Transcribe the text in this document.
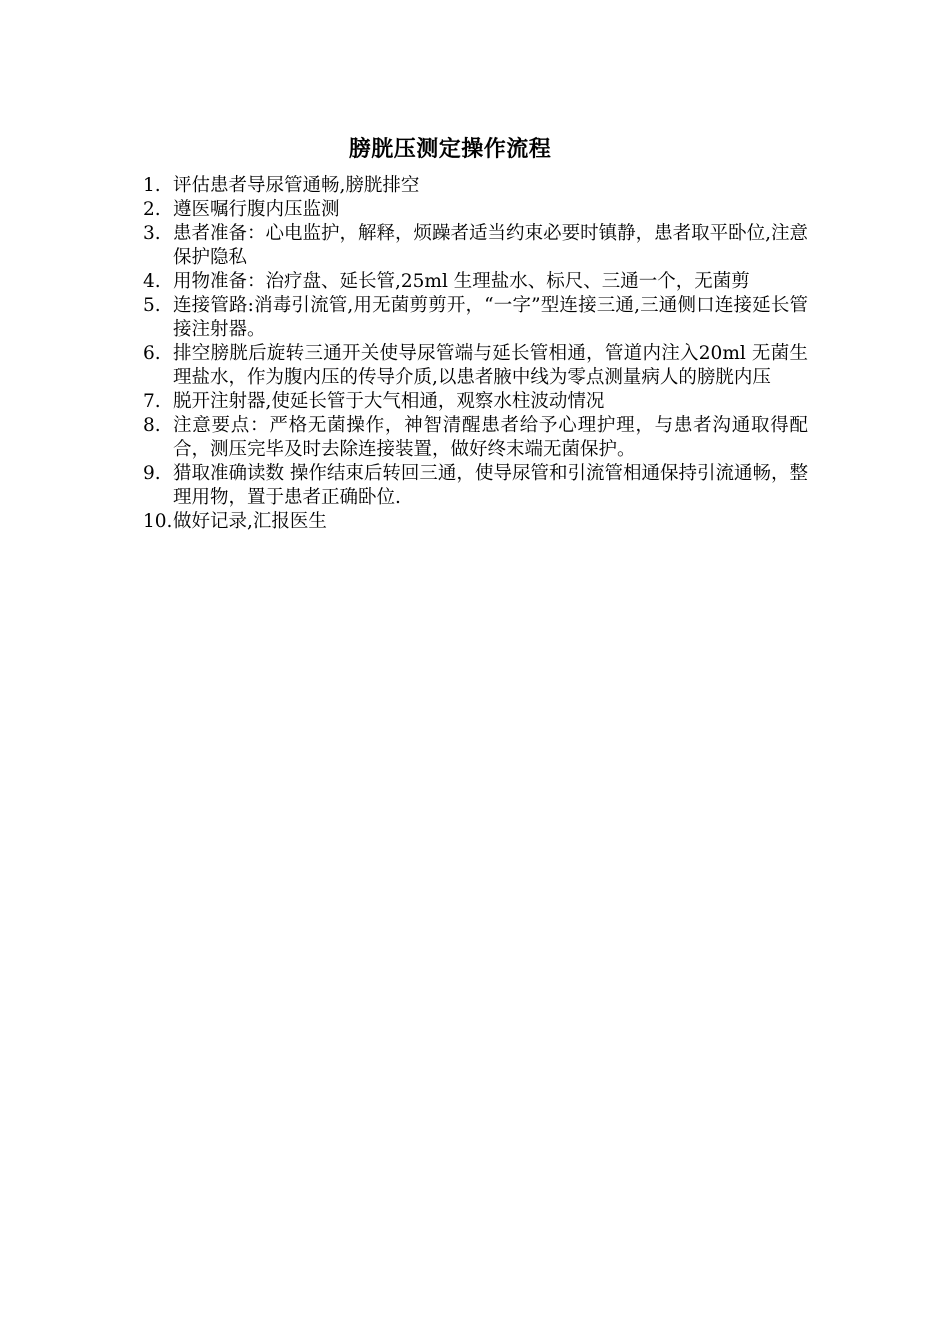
膀胱压测定操作流程
1. 评估患者导尿管通畅,膀胱排空
2. 遵医嘱行腹内压监测
3. 患者准备：心电监护，解释，烦躁者适当约束必要时镇静，患者取平卧位,注意保护隐私
4. 用物准备：治疗盘、延长管,25ml 生理盐水、标尺、三通一个，无菌剪
5. 连接管路:消毒引流管,用无菌剪剪开，“一字”型连接三通,三通侧口连接延长管接注射器。
6. 排空膀胱后旋转三通开关使导尿管端与延长管相通，管道内注入20ml 无菌生理盐水，作为腹内压的传导介质,以患者腋中线为零点测量病人的膀胱内压
7. 脱开注射器,使延长管于大气相通，观察水柱波动情况
8. 注意要点：严格无菌操作，神智清醒患者给予心理护理，与患者沟通取得配合，测压完毕及时去除连接装置，做好终末端无菌保护。
9. 猎取准确读数 操作结束后转回三通，使导尿管和引流管相通保持引流通畅，整理用物，置于患者正确卧位.
10. 做好记录,汇报医生
